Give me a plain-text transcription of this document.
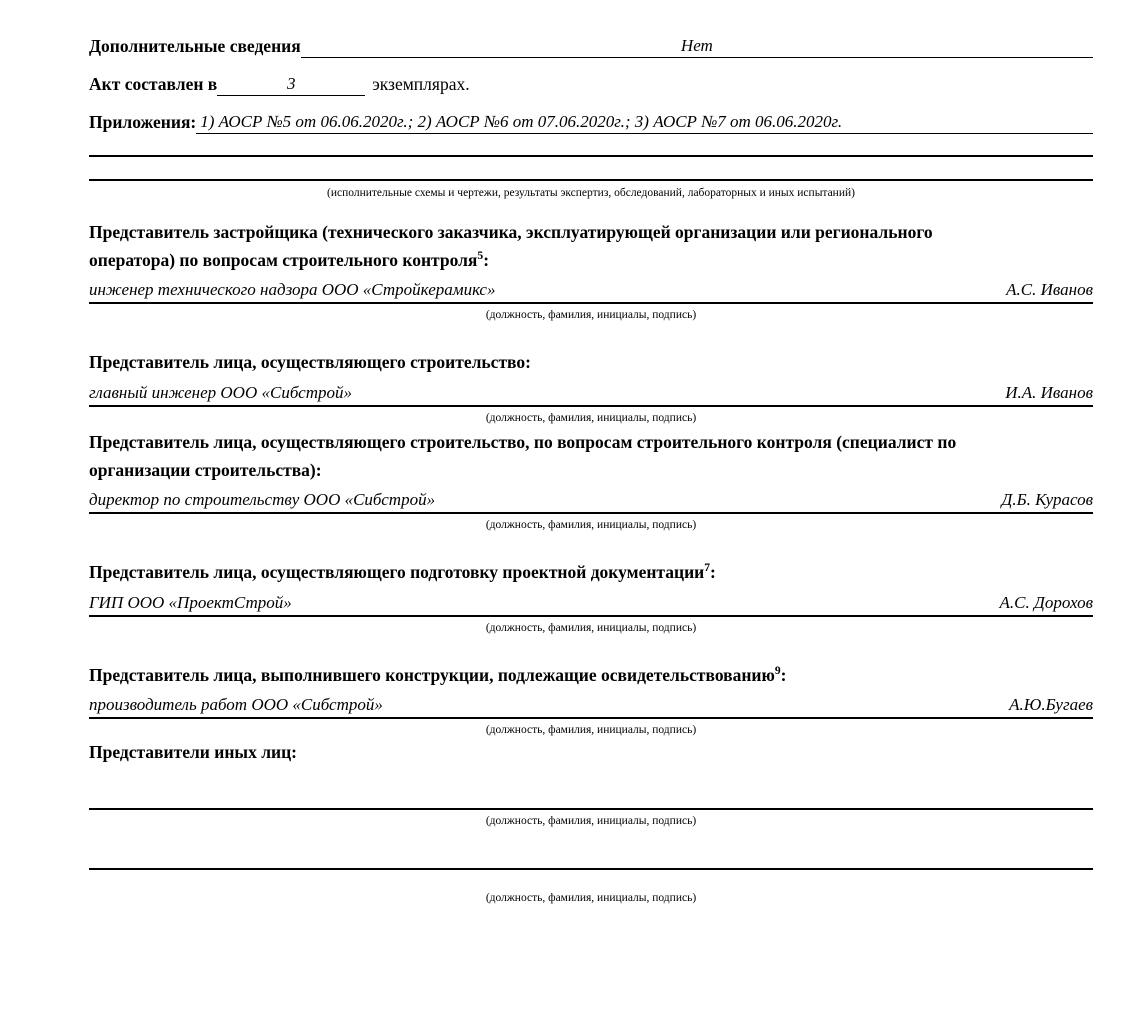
Дополнительные сведения	Нет
Акт составлен в	3	экземплярах.
Приложения: 1) АОСР №5 от 06.06.2020г.; 2) АОСР №6 от 07.06.2020г.; 3) АОСР №7 от 06.06.2020г.
(исполнительные схемы и чертежи, результаты экспертиз, обследований, лабораторных и иных испытаний)
Представитель застройщика (технического заказчика, эксплуатирующей организации или регионального
оператора) по вопросам строительного контроля$^5$:
инженер технического надзора ООО «Стройкерамикс»	А.С. Иванов
(должность, фамилия, инициалы, подпись)
Представитель лица, осуществляющего строительство:
главный инженер ООО «Сибстрой»	И.А. Иванов
(должность, фамилия, инициалы, подпись)
Представитель лица, осуществляющего строительство, по вопросам строительного контроля (специалист по
организации строительства):
директор по строительству ООО «Сибстрой»	Д.Б. Курасов
(должность, фамилия, инициалы, подпись)
Представитель лица, осуществляющего подготовку проектной документации$^7$:
ГИП ООО «ПроектСтрой»	А.С. Дорохов
(должность, фамилия, инициалы, подпись)
Представитель лица, выполнившего конструкции, подлежащие освидетельствованию$^9$:
производитель работ ООО «Сибстрой»	А.Ю.Бугаев
(должность, фамилия, инициалы, подпись)
Представители иных лиц:
(должность, фамилия, инициалы, подпись)
(должность, фамилия, инициалы, подпись)
